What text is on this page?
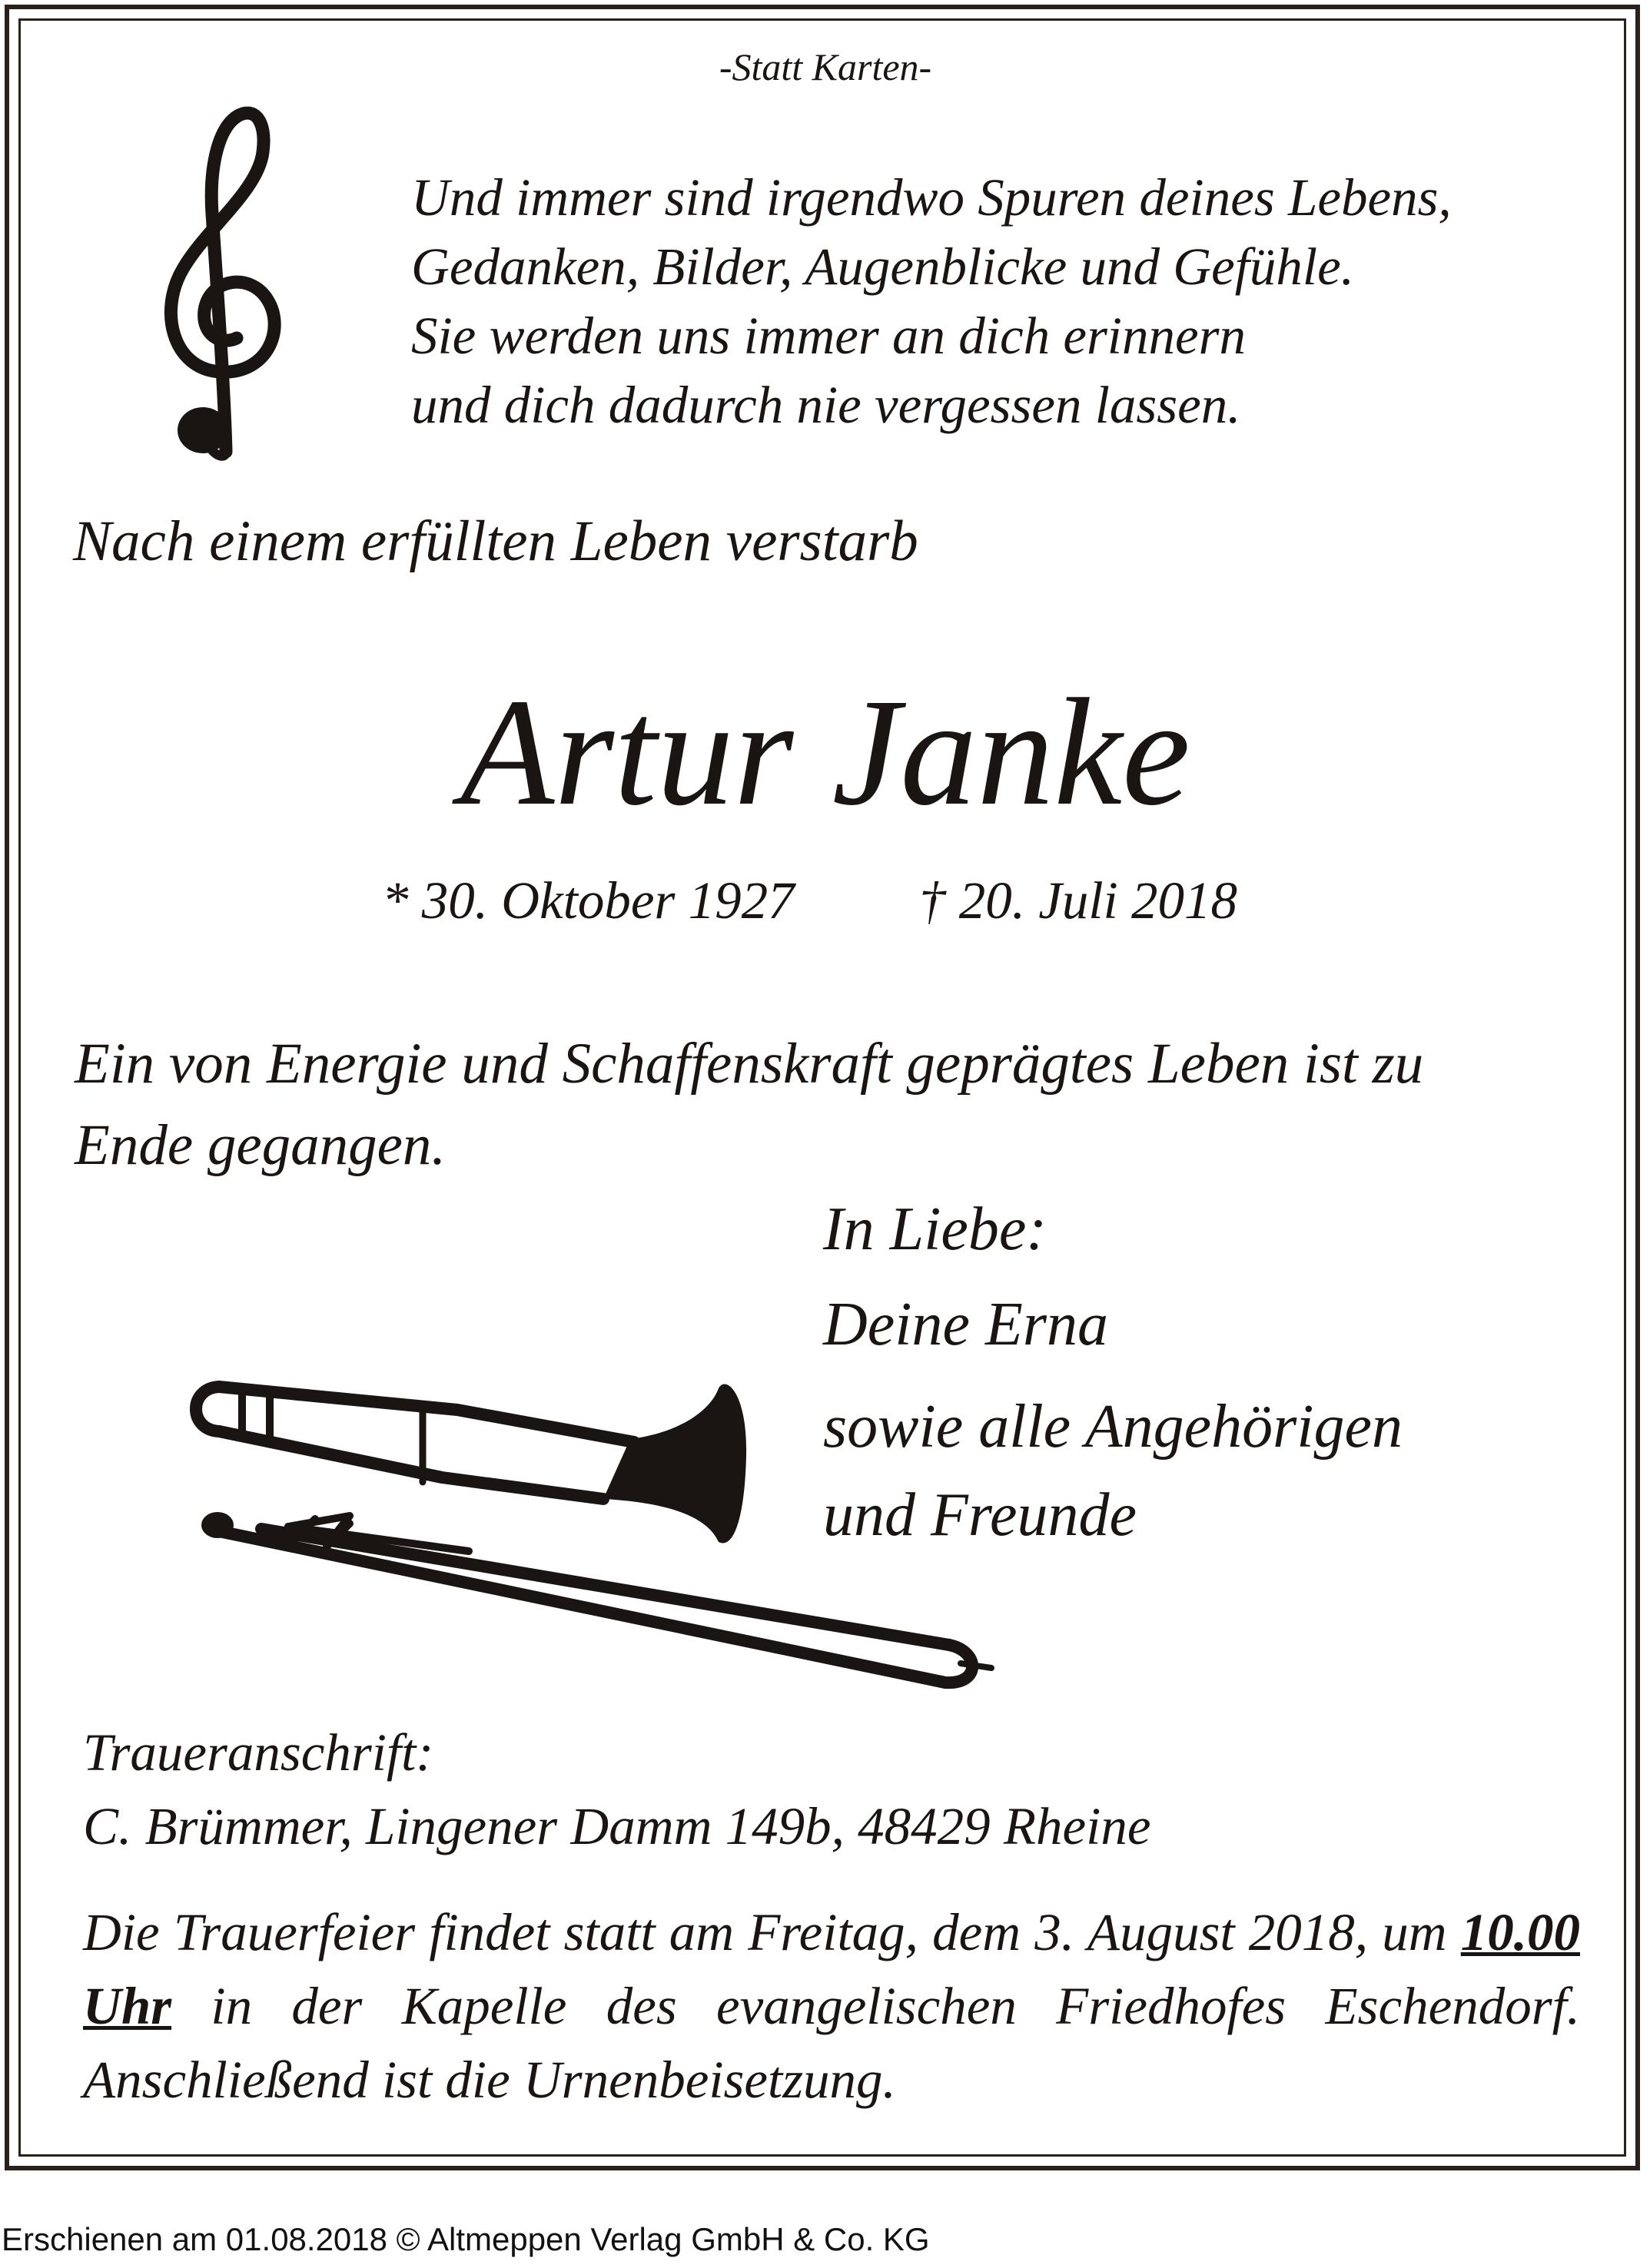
-Statt Karten-
Und immer sind irgendwo Spuren deines Lebens,
Gedanken, Bilder, Augenblicke und Gefühle.
Sie werden uns immer an dich erinnern
und dich dadurch nie vergessen lassen.
Nach einem erfüllten Leben verstarb
Artur Janke
* 30. Oktober 1927 † 20. Juli 2018
Ein von Energie und Schaffenskraft geprägtes Leben ist zu
Ende gegangen.
In Liebe:
Deine Erna
sowie alle Angehörigen
und Freunde
Traueranschrift:
C. Brümmer, Lingener Damm 149b, 48429 Rheine
Die Trauerfeier findet statt am Freitag, dem 3. August 2018, um 10.00 Uhr in der Kapelle des evangelischen Friedhofes Eschendorf. Anschließend ist die Urnenbeisetzung.
Erschienen am 01.08.2018 © Altmeppen Verlag GmbH & Co. KG
